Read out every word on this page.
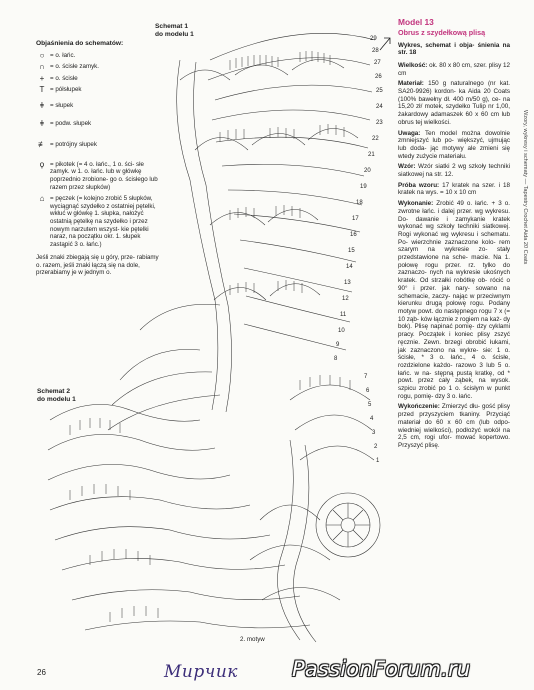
29
28
27
26
25
24
23
22
21
20
19
18
17
16
15
14
13
12
11
10
9
8
7
6
5
4
3
2
1
Schemat 1
do modelu 1
Schemat 2
do modelu 1
Objaśnienia do schematów:
○ = o. łańc.
∩ = o. ścisłe zamyk.
+ = o. ścisłe
T = półsłupek
ǂ = słupek
ǂ = podw. słupek
≢ = potrójny słupek
ϙ = pikotek (= 4 o. łańc., 1 o. ści- słe zamyk. w 1. o. łańc. lub w główkę poprzednio zrobione- go o. ścisłego lub razem przez słupków)
⌂ = pęczek (= kolejno zrobić 5 słupków, wyciągnąć szydełko z ostatniej pętelki, wkłuć w główkę 1. słupka, nałożyć ostatnią pętelkę na szydełko i przez nowym narzutem wszyst- kie pętelki naraz, na początku okr. 1. słupek zastąpić 3 o. łańc.)
Jeśli znaki zbiegają się u góry, prze- rabiamy o. razem, jeśli znaki łączą się na dole, przerabiamy je w jednym o.

Model 13

Obrus z szydełkową plisą

Wykres, schemat i obja- śnienia na str. 18

Wielkość: ok. 80 x 80 cm, szer. plisy 12 cm

Materiał: 150 g naturalnego (nr kat. SA20-9926) kordon- ka Aida 20 Coats (100% bawełny dł. 400 m/50 g), ce- na 15,20 zł/ motek, szydełko Tulip nr 1,00, żakardowy adamaszek 60 x 60 cm lub obrus tej wielkości.

Uwaga: Ten model można dowolnie zmniejszyć lub po- większyć, ujmując lub doda- jąc motywy ale zmieni się wtedy zużycie materiału.

Wzór: Wzór siatki 2 wg szkoły techniki siatkowej na str. 12.

Próba wzoru: 17 kratek na szer. i 18 kratek na wys. = 10 x 10 cm

Wykonanie: Zrobić 49 o. łańc. + 3 o. zwrotne łańc. i dalej przer. wg wykresu. Do- dawanie i zamykanie kratek wykonać wg szkoły techniki siatkowej. Rogi wykonać wg wykresu i schematu. Po- wierzchnie zaznaczone kolo- rem szarym na wykresie zo- stały przedstawione na sche- macie. Na 1. połowę rogu przer. rz. tylko do zaznaczo- nych na wykresie ukośnych kratek. Od strzałki robótkę ob- rócić o 90° i przer. jak nary- sowano na schemacie, zaczy- nając w przeciwnym kierunku drugą połowę rogu. Podany motyw powt. do następnego rogu 7 x (= 10 ząb- ków łącznie z rogiem na każ- dy bok). Plisę napinać pomię- dzy cyklami pracy. Początek i koniec plisy zszyć ręcznie. Zewn. brzegi obrobić łukami, jak zaznaczono na wykre- sie: 1 o. ścisłe, * 3 o. łańc., 4 o. ścisłe, rozdzielone każdo- razowo 3 lub 5 o. łańc. w na- stępną pustą kratkę, od * powt. przez cały ząbek, na wysok. szpicu zrobić po 1 o. ścisłym w punkt rogu, pomię- dzy 3 o. łańc.

Wykończenie: Zmierzyć dłu- gość plisy przed przyszyciem tkaniny. Przyciąć materiał do 60 x 60 cm (lub odpo- wiedniej wielkości), podłożyć wokół na 2,5 cm, rogi ufor- mować kopertowo. Przyszyć plisę.

Wzory, wykresy i schematy — Tapestry Crochet Aida 20 Coats
2. motyw
26	Мирчик	PassionForum.ru
